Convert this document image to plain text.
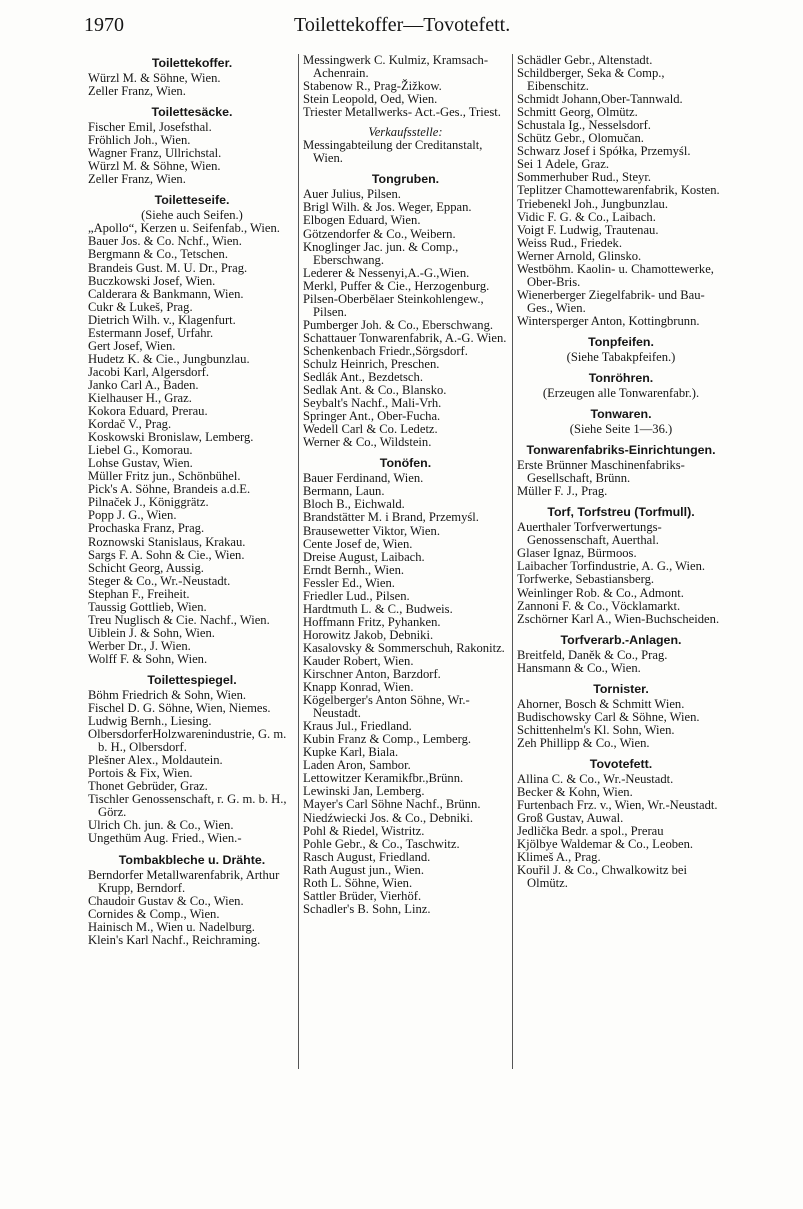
1970	Toilettekoffer—Tovotefett.
Toilettekoffer.
Würzl M. & Söhne, Wien.
Zeller Franz, Wien.
Toilettesäcke.
Fischer Emil, Josefsthal.
Fröhlich Joh., Wien.
Wagner Franz, Ullrichstal.
Würzl M. & Söhne, Wien.
Zeller Franz, Wien.
Toiletteseife.
(Siehe auch Seifen.)
„Apollo“, Kerzen u. Seifenfab., Wien.
Bauer Jos. & Co. Nchf., Wien.
Bergmann & Co., Tetschen.
Brandeis Gust. M. U. Dr., Prag.
Buczkowski Josef, Wien.
Calderara & Bankmann, Wien.
Cukr & Lukeš, Prag.
Dietrich Wilh. v., Klagenfurt.
Estermann Josef, Urfahr.
Gert Josef, Wien.
Hudetz K. & Cie., Jungbunzlau.
Jacobi Karl, Algersdorf.
Janko Carl A., Baden.
Kielhauser H., Graz.
Kokora Eduard, Prerau.
Kordač V., Prag.
Koskowski Bronislaw, Lemberg.
Liebel G., Komorau.
Lohse Gustav, Wien.
Müller Fritz jun., Schönbühel.
Pick's A. Söhne, Brandeis a.d.E.
Pilnaček J., Königgrätz.
Popp J. G., Wien.
Prochaska Franz, Prag.
Roznowski Stanislaus, Krakau.
Sargs F. A. Sohn & Cie., Wien.
Schicht Georg, Aussig.
Steger & Co., Wr.-Neustadt.
Stephan F., Freiheit.
Taussig Gottlieb, Wien.
Treu Nuglisch & Cie. Nachf., Wien.
Uiblein J. & Sohn, Wien.
Werber Dr., J. Wien.
Wolff F. & Sohn, Wien.
Toilettespiegel.
Böhm Friedrich & Sohn, Wien.
Fischel D. G. Söhne, Wien, Niemes.
Ludwig Bernh., Liesing.
OlbersdorferHolzwarenindustrie, G. m. b. H., Olbersdorf.
Plešner Alex., Moldautein.
Portois & Fix, Wien.
Thonet Gebrüder, Graz.
Tischler Genossenschaft, r. G. m. b. H., Görz.
Ulrich Ch. jun. & Co., Wien.
Ungethüm Aug. Fried., Wien.-
Tombakbleche u. Drähte.
Berndorfer Metallwarenfabrik, Arthur Krupp, Berndorf.
Chaudoir Gustav & Co., Wien.
Cornides & Comp., Wien.
Hainisch M., Wien u. Nadelburg.
Klein's Karl Nachf., Reichraming.
Messingwerk C. Kulmiz, Kramsach-Achenrain.
Stabenow R., Prag-Žižkow.
Stein Leopold, Oed, Wien.
Triester Metallwerks- Act.-Ges., Triest.
Verkaufsstelle:
Messingabteilung der Creditanstalt, Wien.
Tongruben.
Auer Julius, Pilsen.
Brigl Wilh. & Jos. Weger, Eppan.
Elbogen Eduard, Wien.
Götzendorfer & Co., Weibern.
Knoglinger Jac. jun. & Comp., Eberschwang.
Lederer & Nessenyi,A.-G.,Wien.
Merkl, Puffer & Cie., Herzogenburg.
Pilsen-Oberbělaer Steinkohlengew., Pilsen.
Pumberger Joh. & Co., Eberschwang.
Schattauer Tonwarenfabrik, A.-G. Wien.
Schenkenbach Friedr.,Sörgsdorf.
Schulz Heinrich, Preschen.
Sedlák Ant., Bezdetsch.
Sedlak Ant. & Co., Blansko.
Seybalt's Nachf., Mali-Vrh.
Springer Ant., Ober-Fucha.
Wedell Carl & Co. Ledetz.
Werner & Co., Wildstein.
Tonöfen.
Bauer Ferdinand, Wien.
Bermann, Laun.
Bloch B., Eichwald.
Brandstätter M. i Brand, Przemyśl.
Brausewetter Viktor, Wien.
Cente Josef de, Wien.
Dreise August, Laibach.
Erndt Bernh., Wien.
Fessler Ed., Wien.
Friedler Lud., Pilsen.
Hardtmuth L. & C., Budweis.
Hoffmann Fritz, Pyhanken.
Horowitz Jakob, Debniki.
Kasalovsky & Sommerschuh, Rakonitz.
Kauder Robert, Wien.
Kirschner Anton, Barzdorf.
Knapp Konrad, Wien.
Kögelberger's Anton Söhne, Wr.-Neustadt.
Kraus Jul., Friedland.
Kubin Franz & Comp., Lemberg.
Kupke Karl, Biala.
Laden Aron, Sambor.
Lettowitzer Keramikfbr.,Brünn.
Lewinski Jan, Lemberg.
Mayer's Carl Söhne Nachf., Brünn.
Niedźwiecki Jos. & Co., Debniki.
Pohl & Riedel, Wistritz.
Pohle Gebr., & Co., Taschwitz.
Rasch August, Friedland.
Rath August jun., Wien.
Roth L. Söhne, Wien.
Sattler Brüder, Vierhöf.
Schadler's B. Sohn, Linz.
Schädler Gebr., Altenstadt.
Schildberger, Seka & Comp., Eibenschitz.
Schmidt Johann,Ober-Tannwald.
Schmitt Georg, Olmütz.
Schustala Ig., Nesselsdorf.
Schütz Gebr., Olomučan.
Schwarz Josef i Spółka, Przemyśl.
Sei 1 Adele, Graz.
Sommerhuber Rud., Steyr.
Teplitzer Chamottewarenfabrik, Kosten.
Triebenekl Joh., Jungbunzlau.
Vidic F. G. & Co., Laibach.
Voigt F. Ludwig, Trautenau.
Weiss Rud., Friedek.
Werner Arnold, Glinsko.
Westböhm. Kaolin- u. Chamottewerke, Ober-Bris.
Wienerberger Ziegelfabrik- und Bau-Ges., Wien.
Wintersperger Anton, Kottingbrunn.
Tonpfeifen.
(Siehe Tabakpfeifen.)
Tonröhren.
(Erzeugen alle Tonwarenfabr.).
Tonwaren.
(Siehe Seite 1—36.)
Tonwarenfabriks-Einrichtungen.
Erste Brünner Maschinenfabriks-Gesellschaft, Brünn.
Müller F. J., Prag.
Torf, Torfstreu (Torfmull).
Auerthaler Torfverwertungs-Genossenschaft, Auerthal.
Glaser Ignaz, Bürmoos.
Laibacher Torfindustrie, A. G., Wien.
Torfwerke, Sebastiansberg.
Weinlinger Rob. & Co., Admont.
Zannoni F. & Co., Vöcklamarkt.
Zschörner Karl A., Wien-Buchscheiden.
Torfverarb.-Anlagen.
Breitfeld, Daněk & Co., Prag.
Hansmann & Co., Wien.
Tornister.
Ahorner, Bosch & Schmitt Wien.
Budischowsky Carl & Söhne, Wien.
Schittenhelm's Kl. Sohn, Wien.
Zeh Phillipp & Co., Wien.
Tovotefett.
Allina C. & Co., Wr.-Neustadt.
Becker & Kohn, Wien.
Furtenbach Frz. v., Wien, Wr.-Neustadt.
Groß Gustav, Auwal.
Jedlička Bedr. a spol., Prerau
Kjölbye Waldemar & Co., Leoben.
Klimeš A., Prag.
Kouřil J. & Co., Chwalkowitz bei Olmütz.
